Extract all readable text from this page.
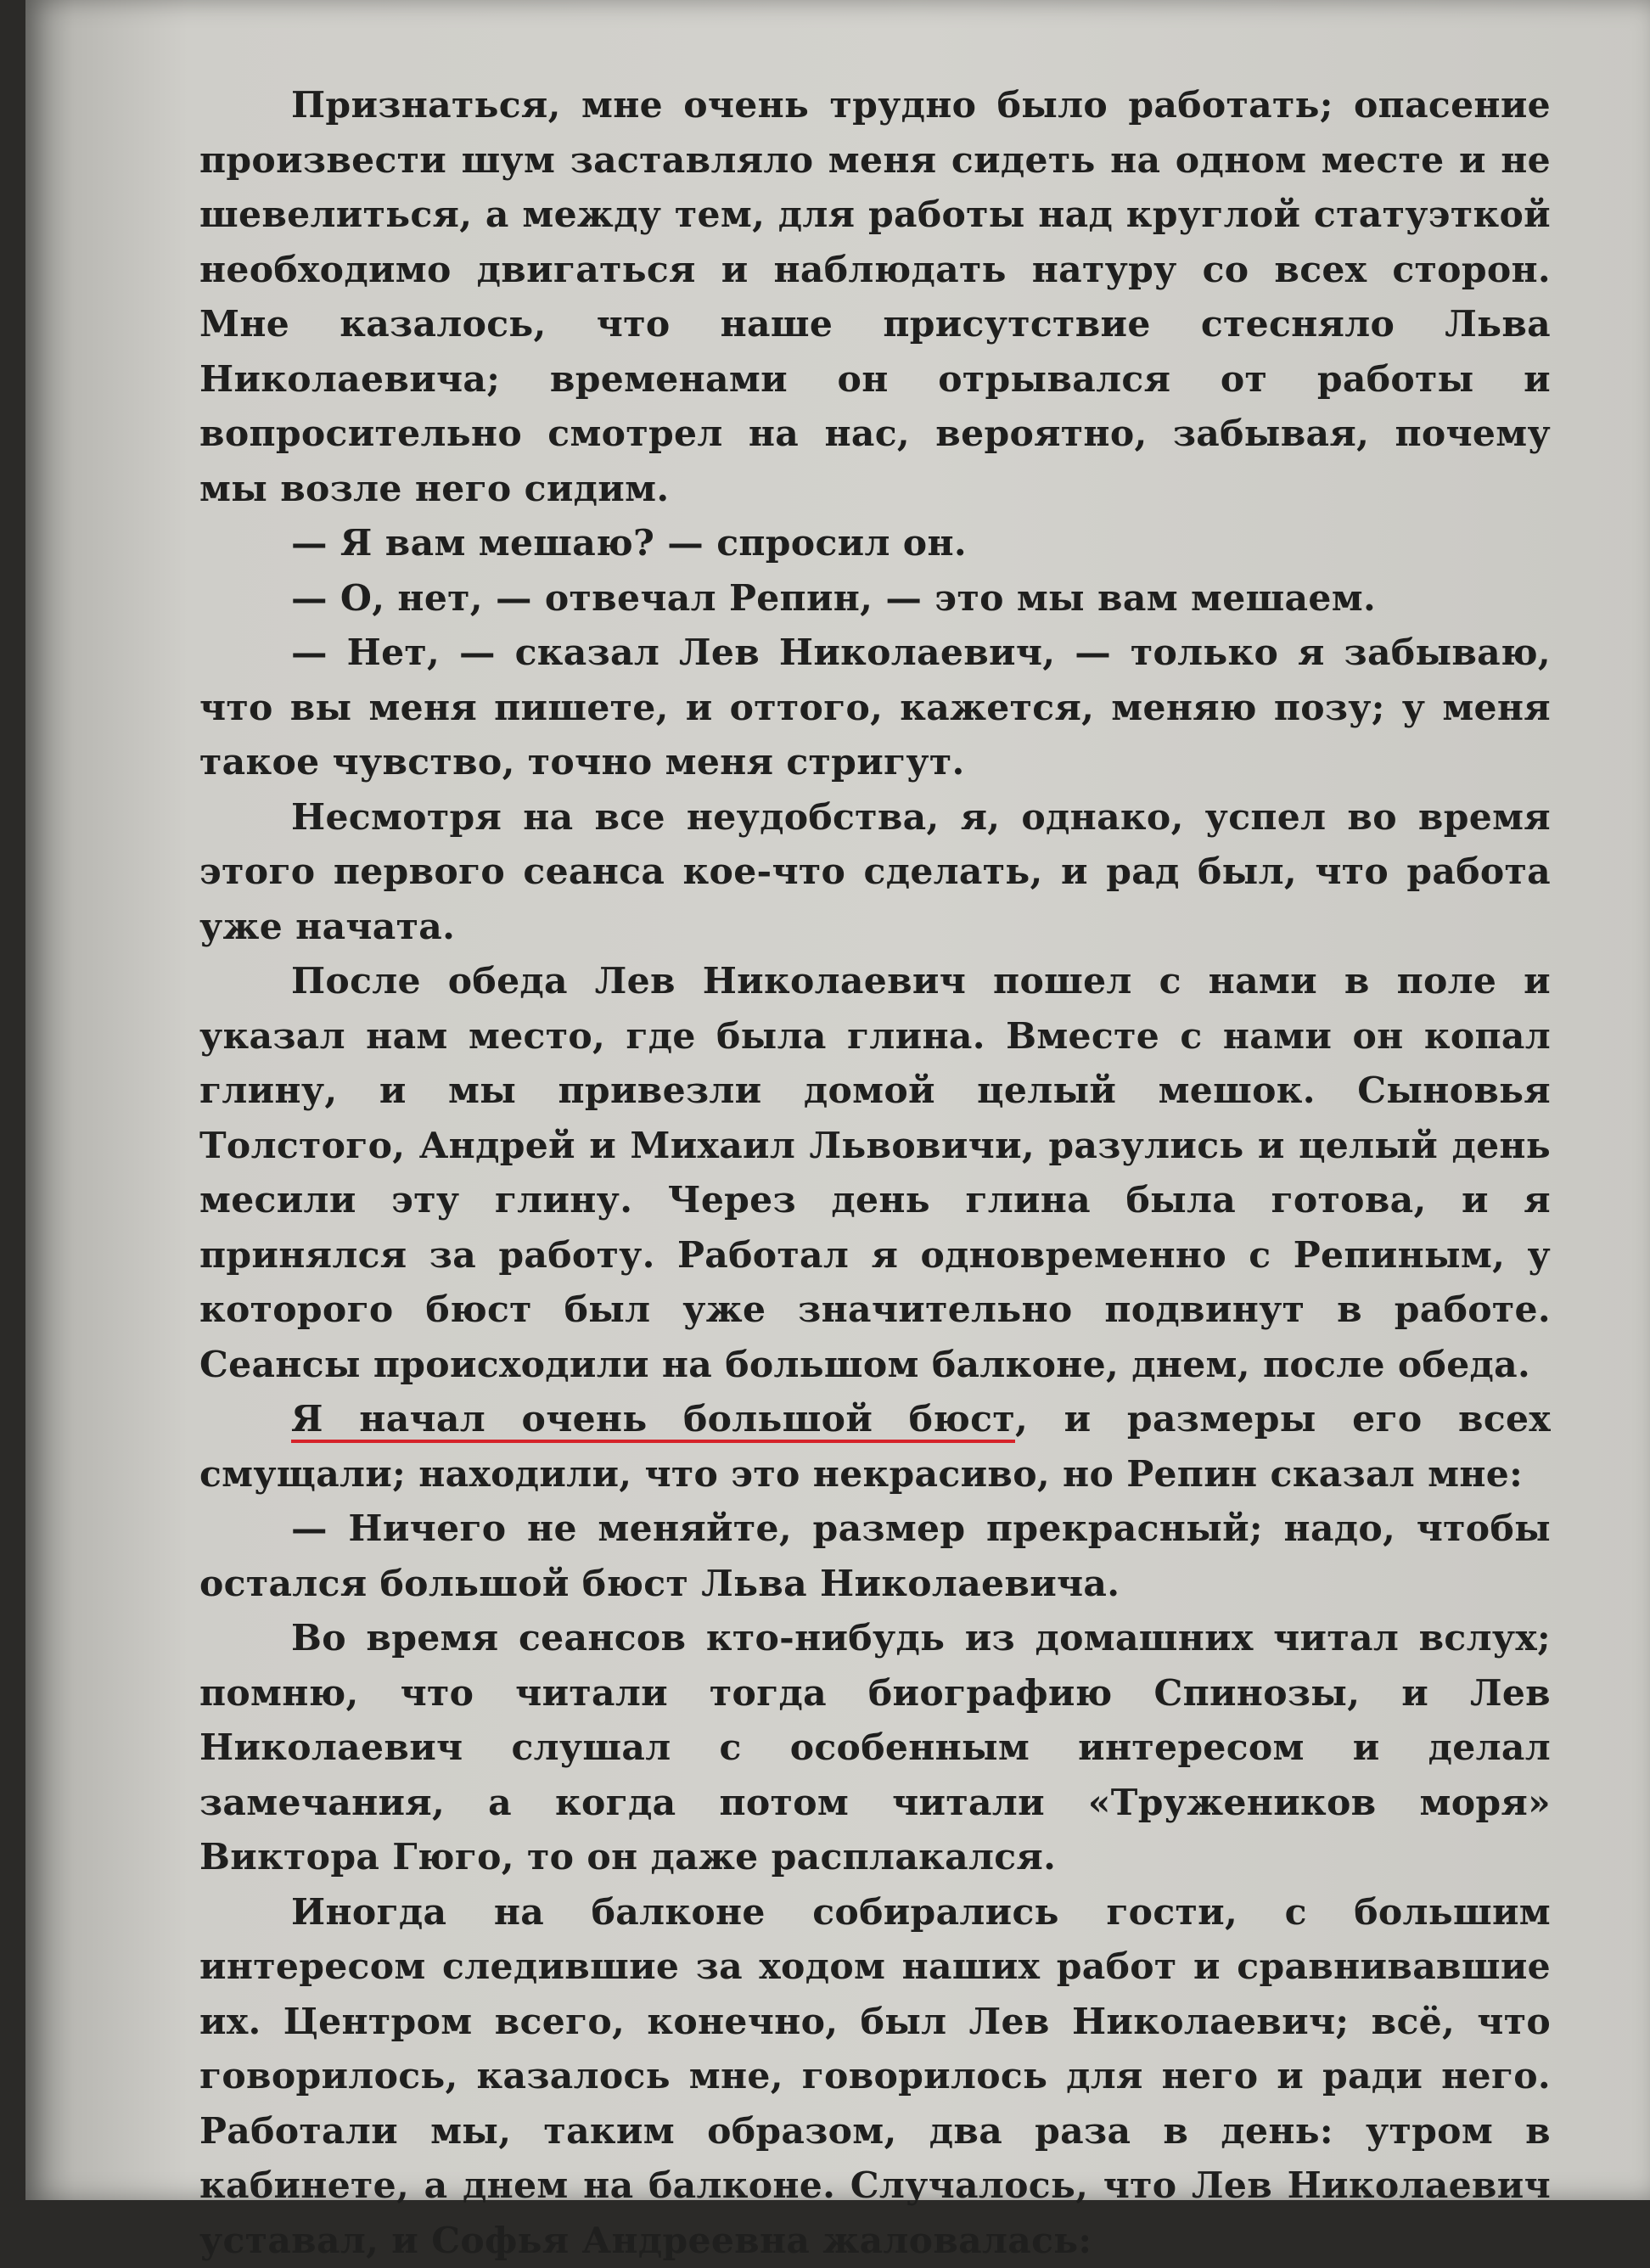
Признаться, мне очень трудно было работать; опасение произвести шум заставляло меня сидеть на одном месте и не шевелиться, а между тем, для работы над круглой статуэткой необходимо двигаться и наблюдать натуру со всех сторон. Мне казалось, что наше присутствие стесняло Льва Николаевича; временами он отрывался от работы и вопросительно смотрел на нас, вероятно, забывая, почему мы возле него сидим.

— Я вам мешаю? — спросил он.

— О, нет, — отвечал Репин, — это мы вам мешаем.

— Нет, — сказал Лев Николаевич, — только я забываю, что вы меня пишете, и оттого, кажется, меняю позу; у меня такое чувство, точно меня стригут.

Несмотря на все неудобства, я, однако, успел во время этого первого сеанса кое-что сделать, и рад был, что работа уже начата.

После обеда Лев Николаевич пошел с нами в поле и указал нам место, где была глина. Вместе с нами он копал глину, и мы привезли домой целый мешок. Сыновья Толстого, Андрей и Михаил Львовичи, разулись и целый день месили эту глину. Через день глина была готова, и я принялся за работу. Работал я одновременно с Репиным, у которого бюст был уже значительно подвинут в работе. Сеансы происходили на большом балконе, днем, после обеда.

Я начал очень большой бюст, и размеры его всех смущали; находили, что это некрасиво, но Репин сказал мне:

— Ничего не меняйте, размер прекрасный; надо, чтобы остался большой бюст Льва Николаевича.

Во время сеансов кто-нибудь из домашних читал вслух; помню, что читали тогда биографию Спинозы, и Лев Николаевич слушал с особенным интересом и делал замечания, а когда потом читали «Тружеников моря» Виктора Гюго, то он даже расплакался.

Иногда на балконе собирались гости, с большим интересом следившие за ходом наших работ и сравнивавшие их. Центром всего, конечно, был Лев Николаевич; всё, что говорилось, казалось мне, говорилось для него и ради него. Работали мы, таким образом, два раза в день: утром в кабинете, а днем на балконе. Случалось, что Лев Николаевич уставал, и Софья Андреевна жаловалась:
